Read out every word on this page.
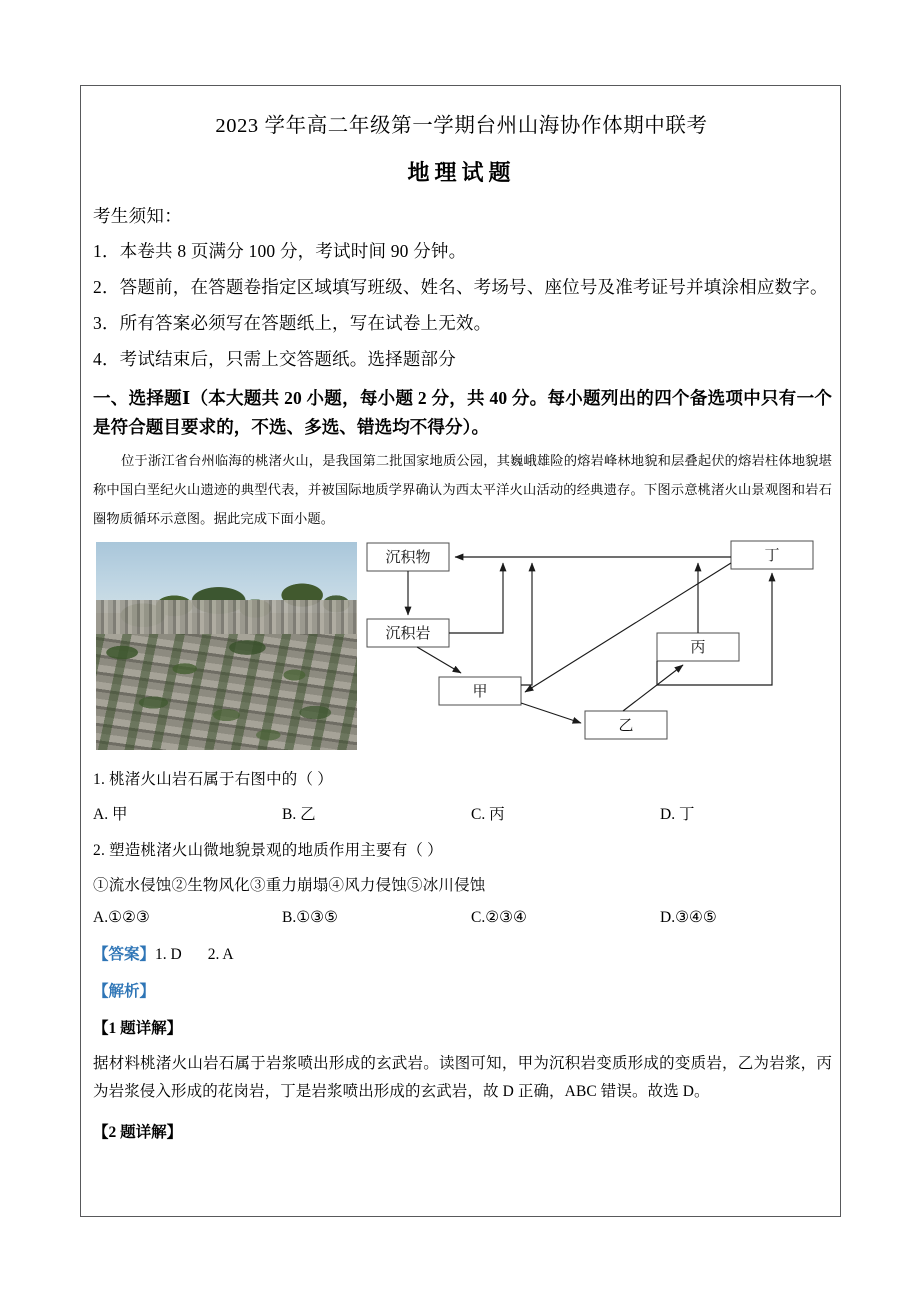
2023 学年高二年级第一学期台州山海协作体期中联考
地理试题
考生须知：
1．本卷共 8 页满分 100 分，考试时间 90 分钟。
2．答题前，在答题卷指定区域填写班级、姓名、考场号、座位号及准考证号并填涂相应数字。
3．所有答案必须写在答题纸上，写在试卷上无效。
4．考试结束后，只需上交答题纸。选择题部分
一、选择题Ⅰ（本大题共 20 小题，每小题 2 分，共 40 分。每小题列出的四个备选项中只有一个是符合题目要求的，不选、多选、错选均不得分）。
位于浙江省台州临海的桃渚火山，是我国第二批国家地质公园，其巍峨雄险的熔岩峰林地貌和层叠起伏的熔岩柱体地貌堪称中国白垩纪火山遗迹的典型代表，并被国际地质学界确认为西太平洋火山活动的经典遗存。下图示意桃渚火山景观图和岩石圈物质循环示意图。据此完成下面小题。
沉积物
沉积岩
甲
乙
丙
丁
1. 桃渚火山岩石属于右图中的（ ）
A. 甲	B. 乙	C. 丙	D. 丁
2. 塑造桃渚火山微地貌景观的地质作用主要有（ ）
①流水侵蚀②生物风化③重力崩塌④风力侵蚀⑤冰川侵蚀
A.①②③	B.①③⑤	C.②③④	D.③④⑤
【答案】1. D 2. A
【解析】
【1 题详解】
据材料桃渚火山岩石属于岩浆喷出形成的玄武岩。读图可知，甲为沉积岩变质形成的变质岩，乙为岩浆，丙为岩浆侵入形成的花岗岩，丁是岩浆喷出形成的玄武岩，故 D 正确，ABC 错误。故选 D。
【2 题详解】
